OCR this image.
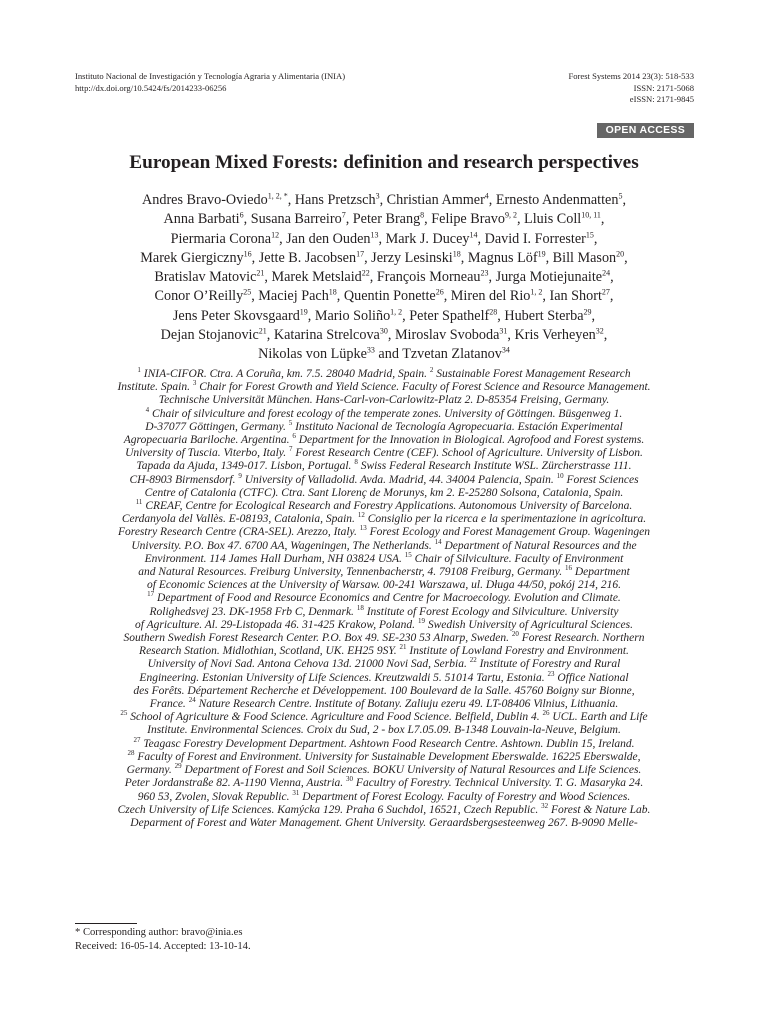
Instituto Nacional de Investigación y Tecnología Agraria y Alimentaria (INIA)
http://dx.doi.org/10.5424/fs/2014233-06256
Forest Systems 2014 23(3): 518-533
ISSN: 2171-5068
eISSN: 2171-9845
OPEN ACCESS
European Mixed Forests: definition and research perspectives
Andres Bravo-Oviedo$^{1, 2, *}$, Hans Pretzsch$^3$, Christian Ammer$^4$, Ernesto Andenmatten$^5$,
Anna Barbati$^6$, Susana Barreiro$^7$, Peter Brang$^8$, Felipe Bravo$^{9, 2}$, Lluis Coll$^{10, 11}$,
Piermaria Corona$^{12}$, Jan den Ouden$^{13}$, Mark J. Ducey$^{14}$, David I. Forrester$^{15}$,
Marek Giergiczny$^{16}$, Jette B. Jacobsen$^{17}$, Jerzy Lesinski$^{18}$, Magnus Löf$^{19}$, Bill Mason$^{20}$,
Bratislav Matovic$^{21}$, Marek Metslaid$^{22}$, François Morneau$^{23}$, Jurga Motiejunaite$^{24}$,
Conor O’Reilly$^{25}$, Maciej Pach$^{18}$, Quentin Ponette$^{26}$, Miren del Rio$^{1, 2}$, Ian Short$^{27}$,
Jens Peter Skovsgaard$^{19}$, Mario Soliño$^{1, 2}$, Peter Spathelf$^{28}$, Hubert Sterba$^{29}$,
Dejan Stojanovic$^{21}$, Katarina Strelcova$^{30}$, Miroslav Svoboda$^{31}$, Kris Verheyen$^{32}$,
Nikolas von Lüpke$^{33}$ and Tzvetan Zlatanov$^{34}$
$^1$ INIA-CIFOR. Ctra. A Coruña, km. 7.5. 28040 Madrid, Spain. $^2$ Sustainable Forest Management Research
Institute. Spain. $^3$ Chair for Forest Growth and Yield Science. Faculty of Forest Science and Resource Management.
Technische Universität München. Hans-Carl-von-Carlowitz-Platz 2. D-85354 Freising, Germany.
$^4$ Chair of silviculture and forest ecology of the temperate zones. University of Göttingen. Büsgenweg 1.
D-37077 Göttingen, Germany. $^5$ Instituto Nacional de Tecnología Agropecuaria. Estación Experimental
Agropecuaria Bariloche. Argentina. $^6$ Department for the Innovation in Biological. Agrofood and Forest systems.
University of Tuscia. Viterbo, Italy. $^7$ Forest Research Centre (CEF). School of Agriculture. University of Lisbon.
Tapada da Ajuda, 1349-017. Lisbon, Portugal. $^8$ Swiss Federal Research Institute WSL. Zürcherstrasse 111.
CH-8903 Birmensdorf. $^9$ University of Valladolid. Avda. Madrid, 44. 34004 Palencia, Spain. $^{10}$ Forest Sciences
Centre of Catalonia (CTFC). Ctra. Sant Llorenç de Morunys, km 2. E-25280 Solsona, Catalonia, Spain.
$^{11}$ CREAF, Centre for Ecological Research and Forestry Applications. Autonomous University of Barcelona.
Cerdanyola del Vallès. E-08193, Catalonia, Spain. $^{12}$ Consiglio per la ricerca e la sperimentazione in agricoltura.
Forestry Research Centre (CRA-SEL). Arezzo, Italy. $^{13}$ Forest Ecology and Forest Management Group. Wageningen
University. P.O. Box 47. 6700 AA, Wageningen, The Netherlands. $^{14}$ Department of Natural Resources and the
Environment. 114 James Hall Durham, NH 03824 USA. $^{15}$ Chair of Silviculture. Faculty of Environment
and Natural Resources. Freiburg University, Tennenbacherstr, 4. 79108 Freiburg, Germany. $^{16}$ Department
of Economic Sciences at the University of Warsaw. 00-241 Warszawa, ul. Długa 44/50, pokój 214, 216.
$^{17}$ Department of Food and Resource Economics and Centre for Macroecology. Evolution and Climate.
Rolighedsvej 23. DK-1958 Frb C, Denmark. $^{18}$ Institute of Forest Ecology and Silviculture. University
of Agriculture. Al. 29-Listopada 46. 31-425 Krakow, Poland. $^{19}$ Swedish University of Agricultural Sciences.
Southern Swedish Forest Research Center. P.O. Box 49. SE-230 53 Alnarp, Sweden. $^{20}$ Forest Research. Northern
Research Station. Midlothian, Scotland, UK. EH25 9SY. $^{21}$ Institute of Lowland Forestry and Environment.
University of Novi Sad. Antona Cehova 13d. 21000 Novi Sad, Serbia. $^{22}$ Institute of Forestry and Rural
Engineering. Estonian University of Life Sciences. Kreutzwaldi 5. 51014 Tartu, Estonia. $^{23}$ Office National
des Forêts. Département Recherche et Développement. 100 Boulevard de la Salle. 45760 Boigny sur Bionne,
France. $^{24}$ Nature Research Centre. Institute of Botany. Zaliuju ezeru 49. LT-08406 Vilnius, Lithuania.
$^{25}$ School of Agriculture & Food Science. Agriculture and Food Science. Belfield, Dublin 4. $^{26}$ UCL. Earth and Life
Institute. Environmental Sciences. Croix du Sud, 2 - box L7.05.09. B-1348 Louvain-la-Neuve, Belgium.
$^{27}$ Teagasc Forestry Development Department. Ashtown Food Research Centre. Ashtown. Dublin 15, Ireland.
$^{28}$ Faculty of Forest and Environment. University for Sustainable Development Eberswalde. 16225 Eberswalde,
Germany. $^{29}$ Department of Forest and Soil Sciences. BOKU University of Natural Resources and Life Sciences.
Peter Jordanstraße 82. A-1190 Vienna, Austria. $^{30}$ Facultry of Forestry. Technical University. T. G. Masaryka 24.
960 53, Zvolen, Slovak Republic. $^{31}$ Department of Forest Ecology. Faculty of Forestry and Wood Sciences.
Czech University of Life Sciences. Kamýcka 129. Praha 6 Suchdol, 16521, Czech Republic. $^{32}$ Forest & Nature Lab.
Deparment of Forest and Water Management. Ghent University. Geraardsbergsesteenweg 267. B-9090 Melle-
* Corresponding author: bravo@inia.es
Received: 16-05-14. Accepted: 13-10-14.
